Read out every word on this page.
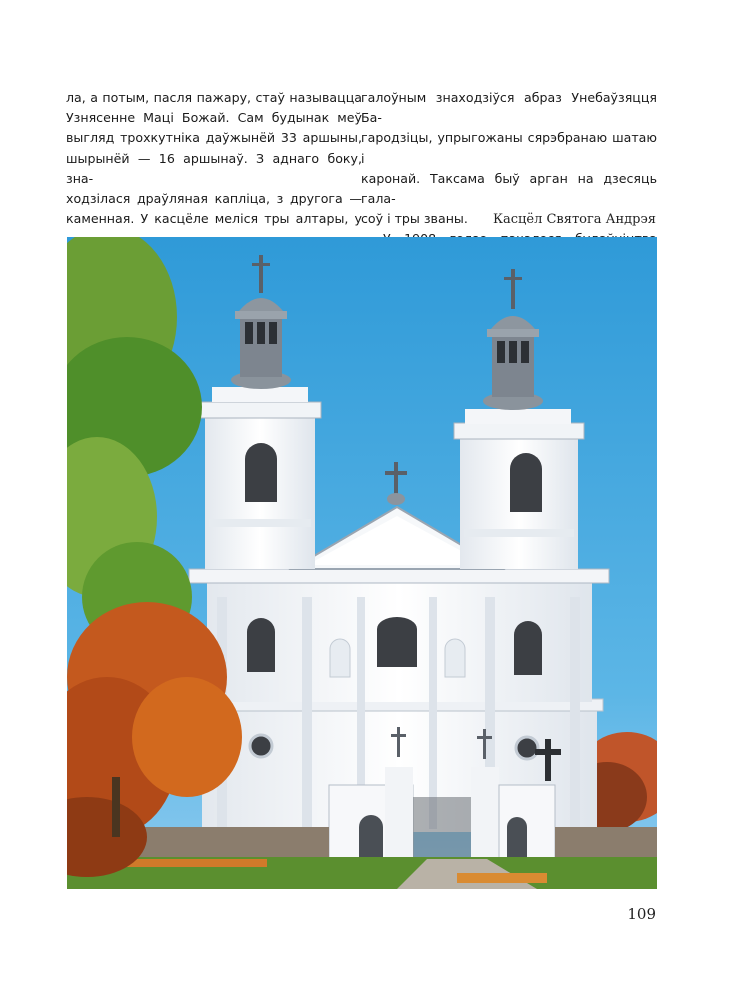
ла, а потым, пасля пажару, стаў называцца
Узнясенне Маці Божай. Сам будынак меў
выгляд трохкутніка даўжынёй 33 аршыны,
шырынёй — 16 аршынаў. З аднаго боку, зна-
ходзілася драўляная капліца, з другога —
каменная. У касцёле меліся тры алтары, у

галоўным знаходзіўся абраз Унебаўзяцця Ба-
гародзіцы, упрыгожаны сярэбранаю шатаю і
каронай. Таксама быў арган на дзесяць гала-
соў і тры званы.	Касцёл Святога Андрэя
109
